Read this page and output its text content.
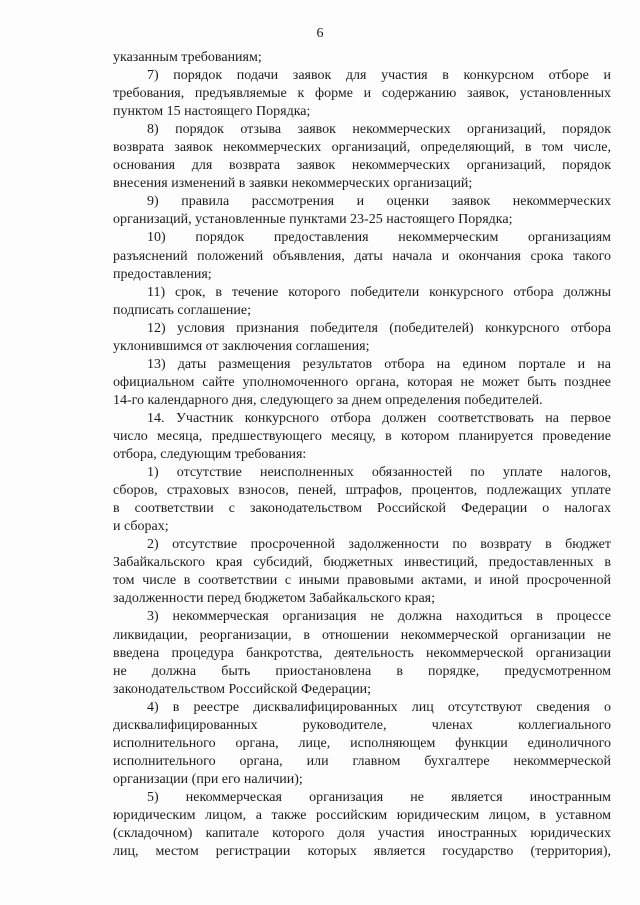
6
указанным требованиям;
7) порядок подачи заявок для участия в конкурсном отборе и
требования, предъявляемые к форме и содержанию заявок, установленных
пунктом 15 настоящего Порядка;
8) порядок отзыва заявок некоммерческих организаций, порядок
возврата заявок некоммерческих организаций, определяющий, в том числе,
основания для возврата заявок некоммерческих организаций, порядок
внесения изменений в заявки некоммерческих организаций;
9) правила рассмотрения и оценки заявок некоммерческих
организаций, установленные пунктами 23-25 настоящего Порядка;
10) порядок предоставления некоммерческим организациям
разъяснений положений объявления, даты начала и окончания срока такого
предоставления;
11) срок, в течение которого победители конкурсного отбора должны
подписать соглашение;
12) условия признания победителя (победителей) конкурсного отбора
уклонившимся от заключения соглашения;
13) даты размещения результатов отбора на едином портале и на
официальном сайте уполномоченного органа, которая не может быть позднее
14-го календарного дня, следующего за днем определения победителей.
14. Участник конкурсного отбора должен соответствовать на первое
число месяца, предшествующего месяцу, в котором планируется проведение
отбора, следующим требования:
1) отсутствие неисполненных обязанностей по уплате налогов,
сборов, страховых взносов, пеней, штрафов, процентов, подлежащих уплате
в соответствии с законодательством Российской Федерации о налогах
и сборах;
2) отсутствие просроченной задолженности по возврату в бюджет
Забайкальского края субсидий, бюджетных инвестиций, предоставленных в
том числе в соответствии с иными правовыми актами, и иной просроченной
задолженности перед бюджетом Забайкальского края;
3) некоммерческая организация не должна находиться в процессе
ликвидации, реорганизации, в отношении некоммерческой организации не
введена процедура банкротства, деятельность некоммерческой организации
не должна быть приостановлена в порядке, предусмотренном
законодательством Российской Федерации;
4) в реестре дисквалифицированных лиц отсутствуют сведения о
дисквалифицированных руководителе, членах коллегиального
исполнительного органа, лице, исполняющем функции единоличного
исполнительного органа, или главном бухгалтере некоммерческой
организации (при его наличии);
5) некоммерческая организация не является иностранным
юридическим лицом, а также российским юридическим лицом, в уставном
(складочном) капитале которого доля участия иностранных юридических
лиц, местом регистрации которых является государство (территория),
